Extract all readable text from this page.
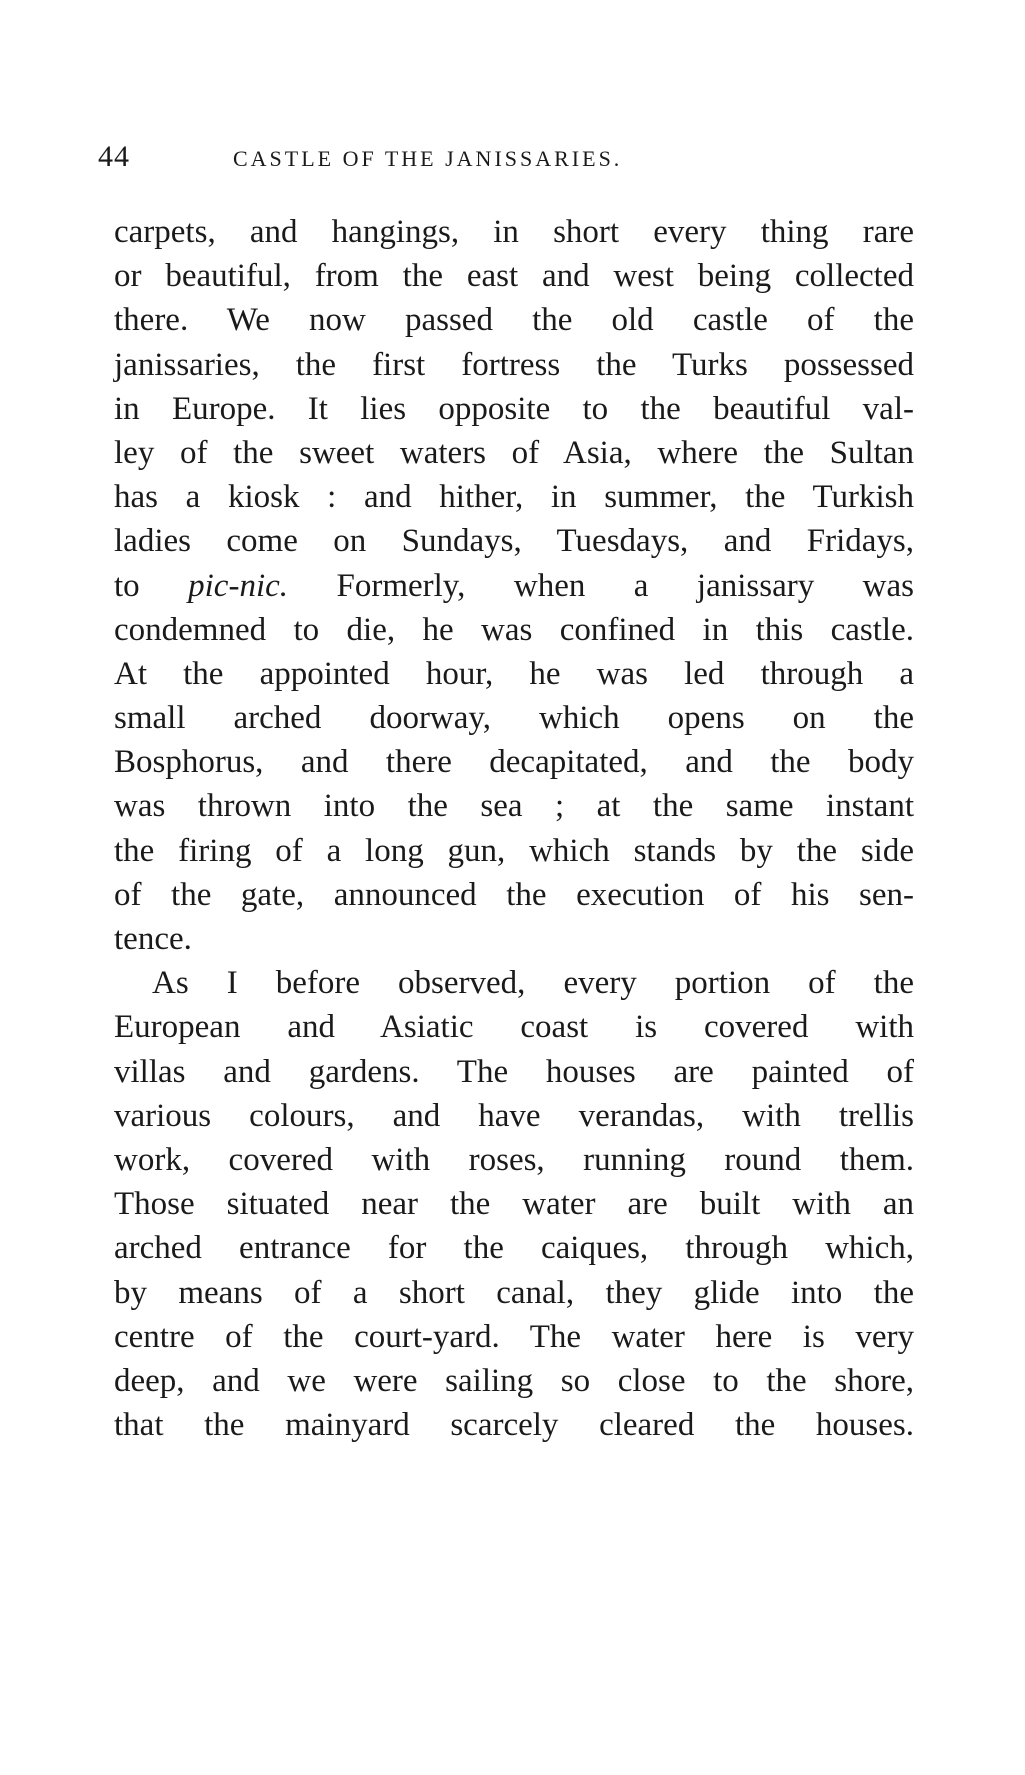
44	CASTLE OF THE JANISSARIES.
carpets, and hangings, in short every thing rare
or beautiful, from the east and west being collected
there. We now passed the old castle of the
janissaries, the first fortress the Turks possessed
in Europe. It lies opposite to the beautiful val-
ley of the sweet waters of Asia, where the Sultan
has a kiosk : and hither, in summer, the Turkish
ladies come on Sundays, Tuesdays, and Fridays,
to pic-nic. Formerly, when a janissary was
condemned to die, he was confined in this castle.
At the appointed hour, he was led through a
small arched doorway, which opens on the
Bosphorus, and there decapitated, and the body
was thrown into the sea ; at the same instant
the firing of a long gun, which stands by the side
of the gate, announced the execution of his sen-
tence.
As I before observed, every portion of the
European and Asiatic coast is covered with
villas and gardens. The houses are painted of
various colours, and have verandas, with trellis
work, covered with roses, running round them.
Those situated near the water are built with an
arched entrance for the caiques, through which,
by means of a short canal, they glide into the
centre of the court-yard. The water here is very
deep, and we were sailing so close to the shore,
that the mainyard scarcely cleared the houses.
